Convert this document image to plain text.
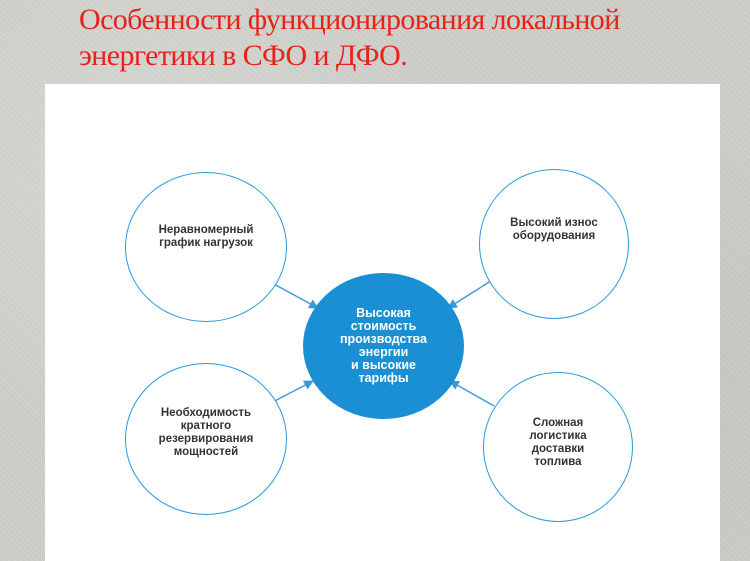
Особенности функционирования локальной
энергетики в СФО и ДФО.
Неравномерный
график нагрузок
Высокий износ
оборудования
Высокая
стоимость
производства
энергии
и высокие
тарифы
Необходимость
кратного
резервирования
мощностей
Сложная
логистика
доставки
топлива
